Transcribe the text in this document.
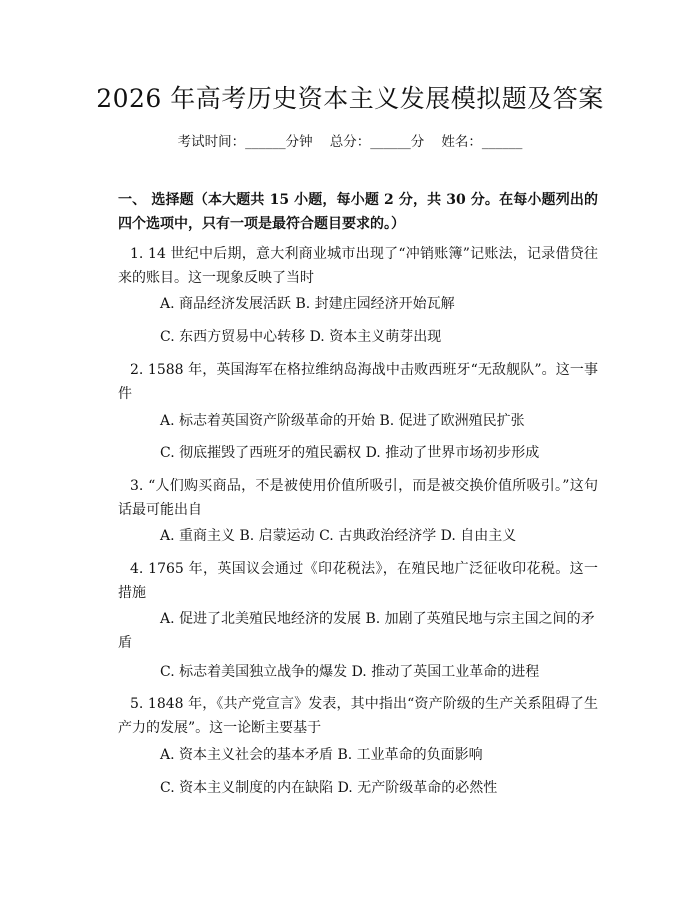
2026 年高考历史资本主义发展模拟题及答案
考试时间：______分钟    总分：______分    姓名：______
一、 选择题（本大题共 15 小题，每小题 2 分，共 30 分。在每小题列出的四个选项中，只有一项是最符合题目要求的。）
1. 14 世纪中后期，意大利商业城市出现了“冲销账簿”记账法，记录借贷往来的账目。这一现象反映了当时
A. 商品经济发展活跃 B. 封建庄园经济开始瓦解
C. 东西方贸易中心转移 D. 资本主义萌芽出现
2. 1588 年，英国海军在格拉维纳岛海战中击败西班牙“无敌舰队”。这一事件
A. 标志着英国资产阶级革命的开始 B. 促进了欧洲殖民扩张
C. 彻底摧毁了西班牙的殖民霸权 D. 推动了世界市场初步形成
3. “人们购买商品，不是被使用价值所吸引，而是被交换价值所吸引。”这句话最可能出自
A. 重商主义 B. 启蒙运动 C. 古典政治经济学 D. 自由主义
4. 1765 年，英国议会通过《印花税法》，在殖民地广泛征收印花税。这一措施
A. 促进了北美殖民地经济的发展 B. 加剧了英殖民地与宗主国之间的矛盾
C. 标志着美国独立战争的爆发 D. 推动了英国工业革命的进程
5. 1848 年，《共产党宣言》发表，其中指出“资产阶级的生产关系阻碍了生产力的发展”。这一论断主要基于
A. 资本主义社会的基本矛盾 B. 工业革命的负面影响
C. 资本主义制度的内在缺陷 D. 无产阶级革命的必然性
